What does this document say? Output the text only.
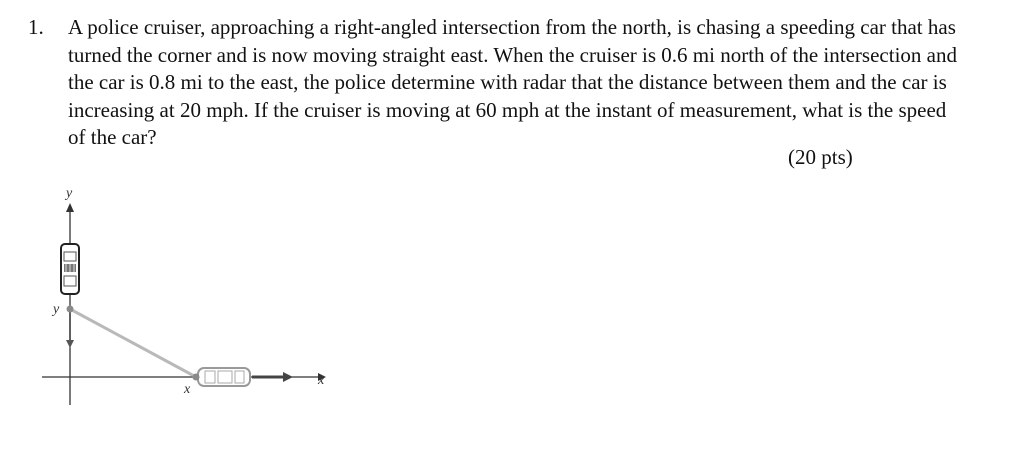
1. A police cruiser, approaching a right-angled intersection from the north, is chasing a speeding car that has turned the corner and is now moving straight east. When the cruiser is 0.6 mi north of the intersection and the car is 0.8 mi to the east, the police determine with radar that the distance between them and the car is increasing at 20 mph. If the cruiser is moving at 60 mph at the instant of measurement, what is the speed of the car?
(20 pts)
y
x
y
x
